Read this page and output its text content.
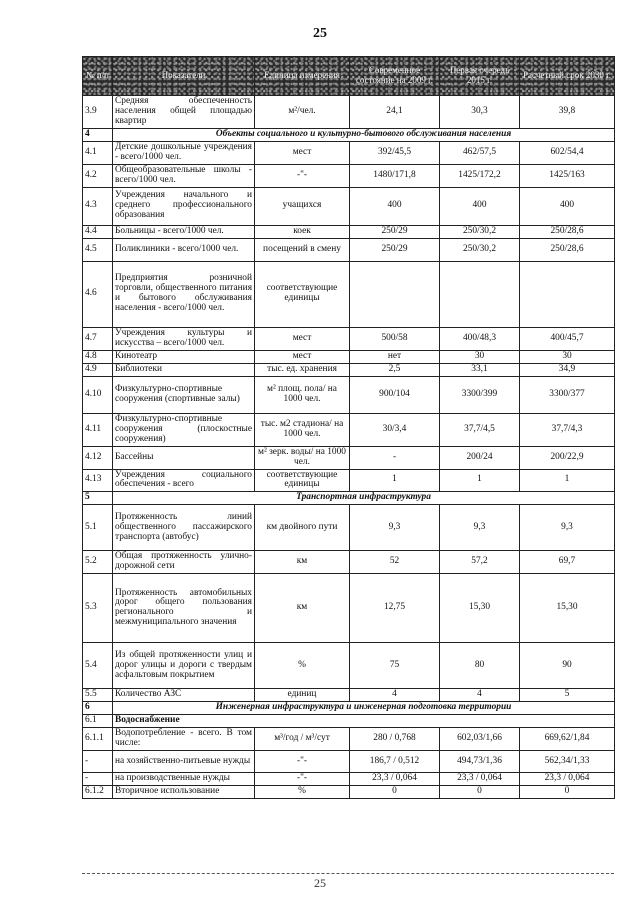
25
№ п/п	Показатели	Единица измерения	Современное состояние на 2009 г.	Первая очередь 2015 г.	Расчетный срок 2030 г.
3.9	Средняя обеспеченность населения общей площадью квартир	м²/чел.	24,1	30,3	39,8
4	Объекты социального и культурно-бытового обслуживания населения				
4.1	Детские дошкольные учреждения - всего/1000 чел.	мест	392/45,5	462/57,5	602/54,4
4.2	Общеобразовательные школы - всего/1000 чел.	-"-	1480/171,8	1425/172,2	1425/163
4.3	Учреждения начального и среднего профессионального образования	учащихся	400	400	400
4.4	Больницы - всего/1000 чел.	коек	250/29	250/30,2	250/28,6
4.5	Поликлиники - всего/1000 чел.	посещений в смену	250/29	250/30,2	250/28,6
4.6	Предприятия розничной торговли, общественного питания и бытового обслуживания населения - всего/1000 чел.	соответствующие единицы			
4.7	Учреждения культуры и искусства – всего/1000 чел.	мест	500/58	400/48,3	400/45,7
4.8	Кинотеатр	мест	нет	30	30
4.9	Библиотеки	тыс. ед. хранения	2,5	33,1	34,9
4.10	Физкультурно-спортивные сооружения (спортивные залы)	м² площ. пола/ на 1000 чел.	900/104	3300/399	3300/377
4.11	Физкультурно-спортивные сооружения (плоскостные сооружения)	тыс. м2 стадиона/ на 1000 чел.	30/3,4	37,7/4,5	37,7/4,3
4.12	Бассейны	м² зерк. воды/ на 1000 чел.	-	200/24	200/22,9
4.13	Учреждения социального обеспечения - всего	соответствующие единицы	1	1	1
5	Транспортная инфраструктура				
5.1	Протяженность линий общественного пассажирского транспорта (автобус)	км двойного пути	9,3	9,3	9,3
5.2	Общая протяженность улично-дорожной сети	км	52	57,2	69,7
5.3	Протяженность автомобильных дорог общего пользования регионального и межмуниципального значения	км	12,75	15,30	15,30
5.4	Из общей протяженности улиц и дорог улицы и дороги с твердым асфальтовым покрытием	%	75	80	90
5.5	Количество АЗС	единиц	4	4	5
6	Инженерная инфраструктура и инженерная подготовка территории				
6.1	Водоснабжение				
6.1.1	Водопотребление - всего. В том числе:	м³/год / м³/сут	280 / 0,768	602,03/1,66	669,62/1,84
-	на хозяйственно-питьевые нужды	-"-	186,7 / 0,512	494,73/1,36	562,34/1,33
-	на производственные нужды	-"-	23,3 / 0,064	23,3 / 0,064	23,3 / 0,064
6.1.2	Вторичное использование	%	0	0	0
25
